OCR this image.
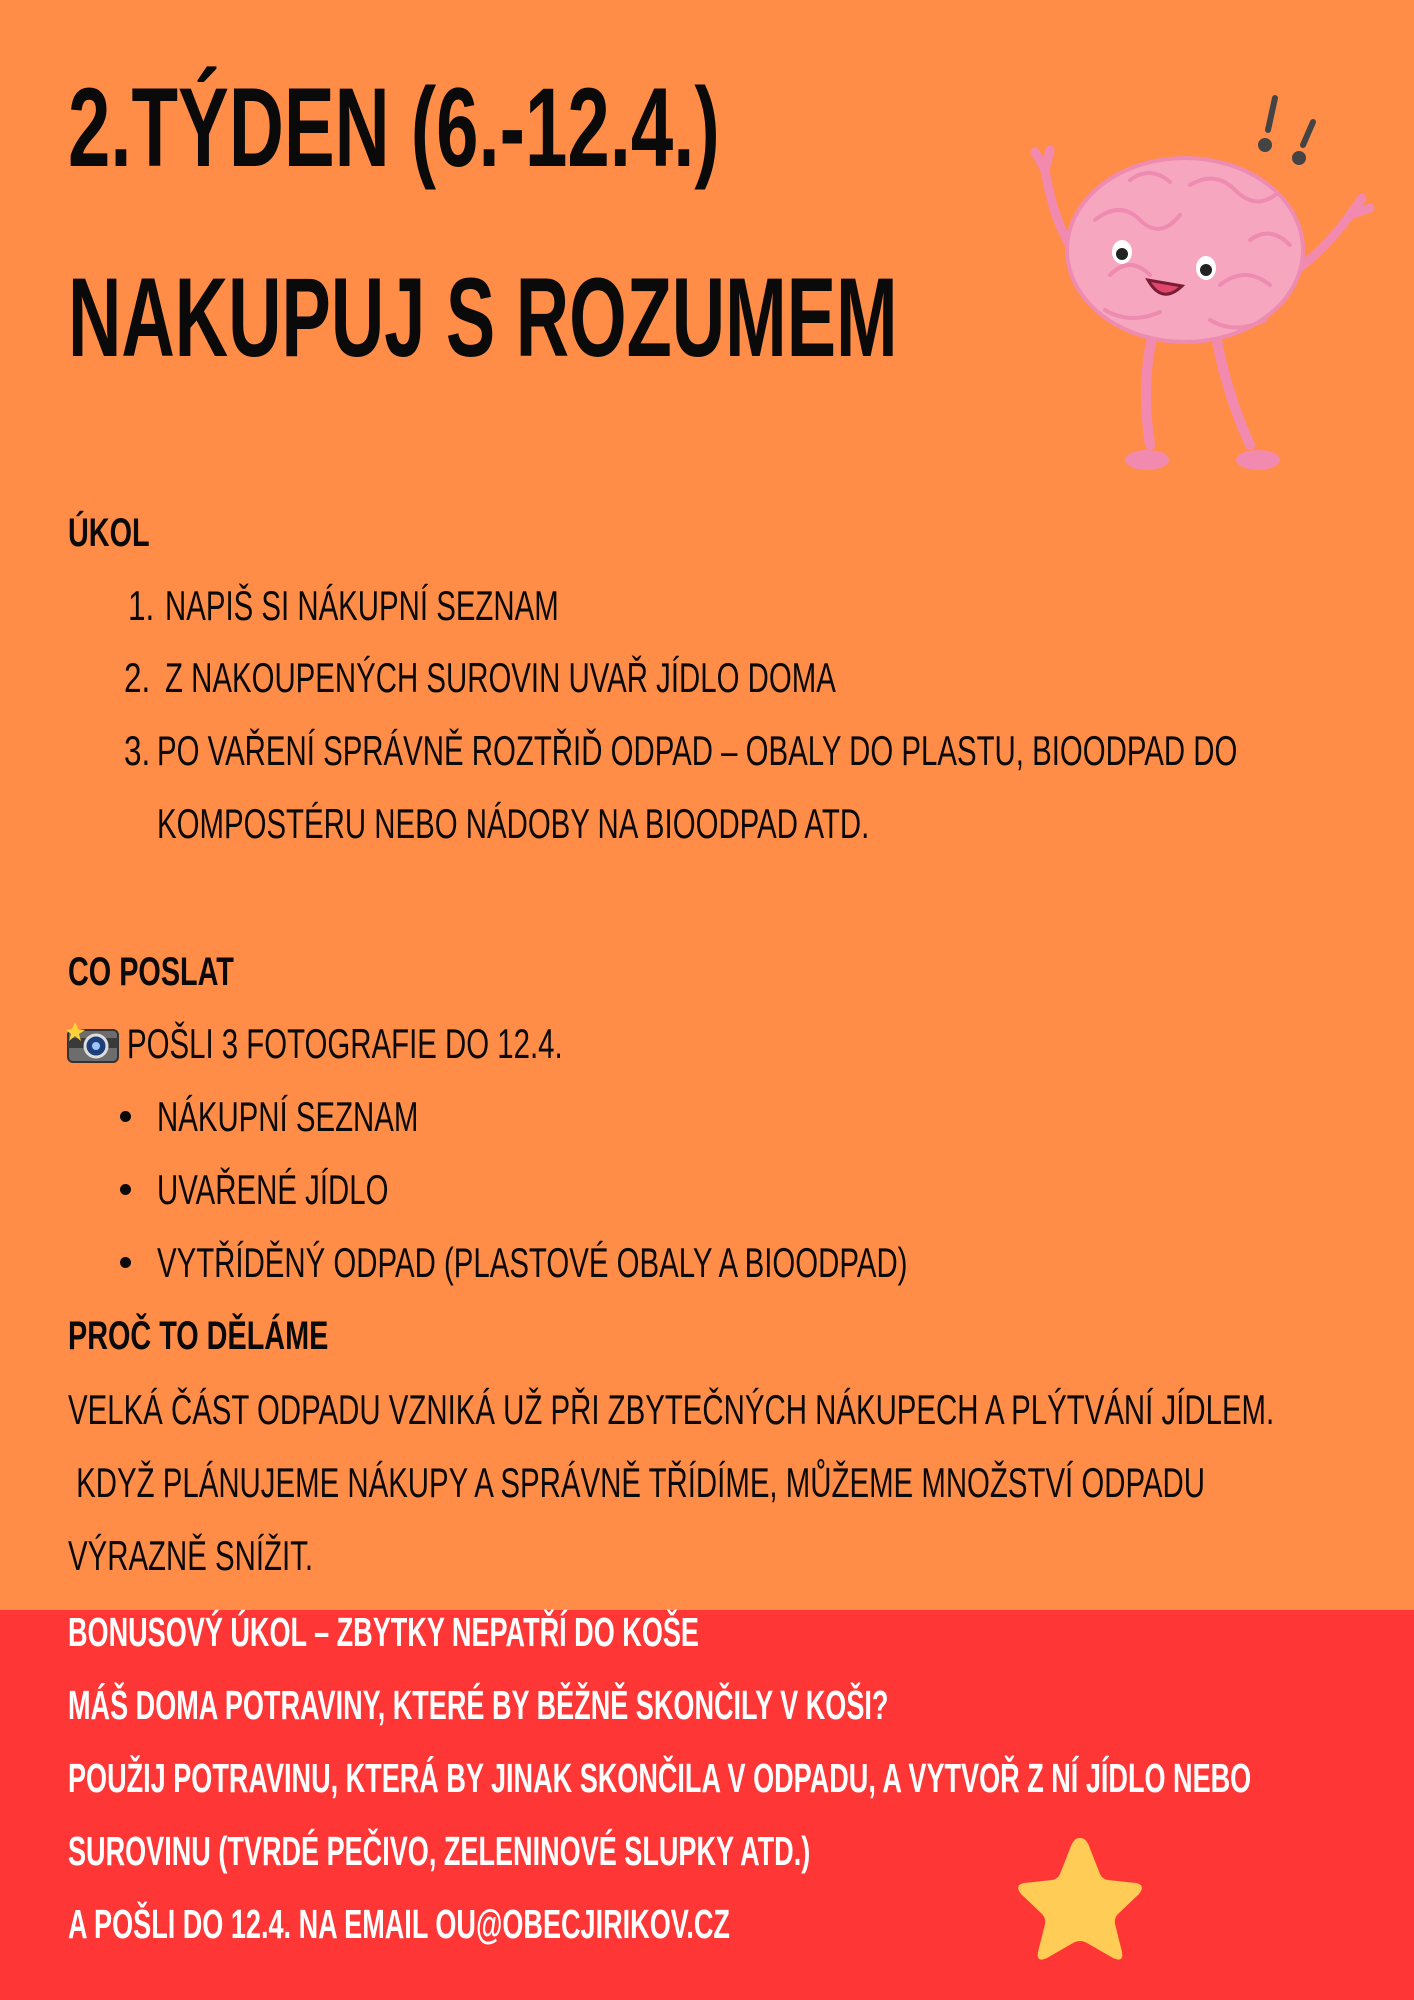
2.TÝDEN (6.-12.4.)
NAKUPUJ S ROZUMEM
ÚKOL
1. NAPIŠ SI NÁKUPNÍ SEZNAM

2. Z NAKOUPENÝCH SUROVIN UVAŘ JÍDLO DOMA

3. PO VAŘENÍ SPRÁVNĚ ROZTŘIĎ ODPAD – OBALY DO PLASTU, BIOODPAD DO

KOMPOSTÉRU NEBO NÁDOBY NA BIOODPAD ATD.

CO POSLAT

POŠLI 3 FOTOGRAFIE DO 12.4.

NÁKUPNÍ SEZNAM

UVAŘENÉ JÍDLO

VYTŘÍDĚNÝ ODPAD (PLASTOVÉ OBALY A BIOODPAD)

PROČ TO DĚLÁME

VELKÁ ČÁST ODPADU VZNIKÁ UŽ PŘI ZBYTEČNÝCH NÁKUPECH A PLÝTVÁNÍ JÍDLEM.

KDYŽ PLÁNUJEME NÁKUPY A SPRÁVNĚ TŘÍDÍME, MŮŽEME MNOŽSTVÍ ODPADU

VÝRAZNĚ SNÍŽIT.

BONUSOVÝ ÚKOL – ZBYTKY NEPATŘÍ DO KOŠE

MÁŠ DOMA POTRAVINY, KTERÉ BY BĚŽNĚ SKONČILY V KOŠI?

POUŽIJ POTRAVINU, KTERÁ BY JINAK SKONČILA V ODPADU, A VYTVOŘ Z NÍ JÍDLO NEBO

SUROVINU (TVRDÉ PEČIVO, ZELENINOVÉ SLUPKY ATD.)

A POŠLI DO 12.4. NA EMAIL OU@OBECJIRIKOV.CZ
